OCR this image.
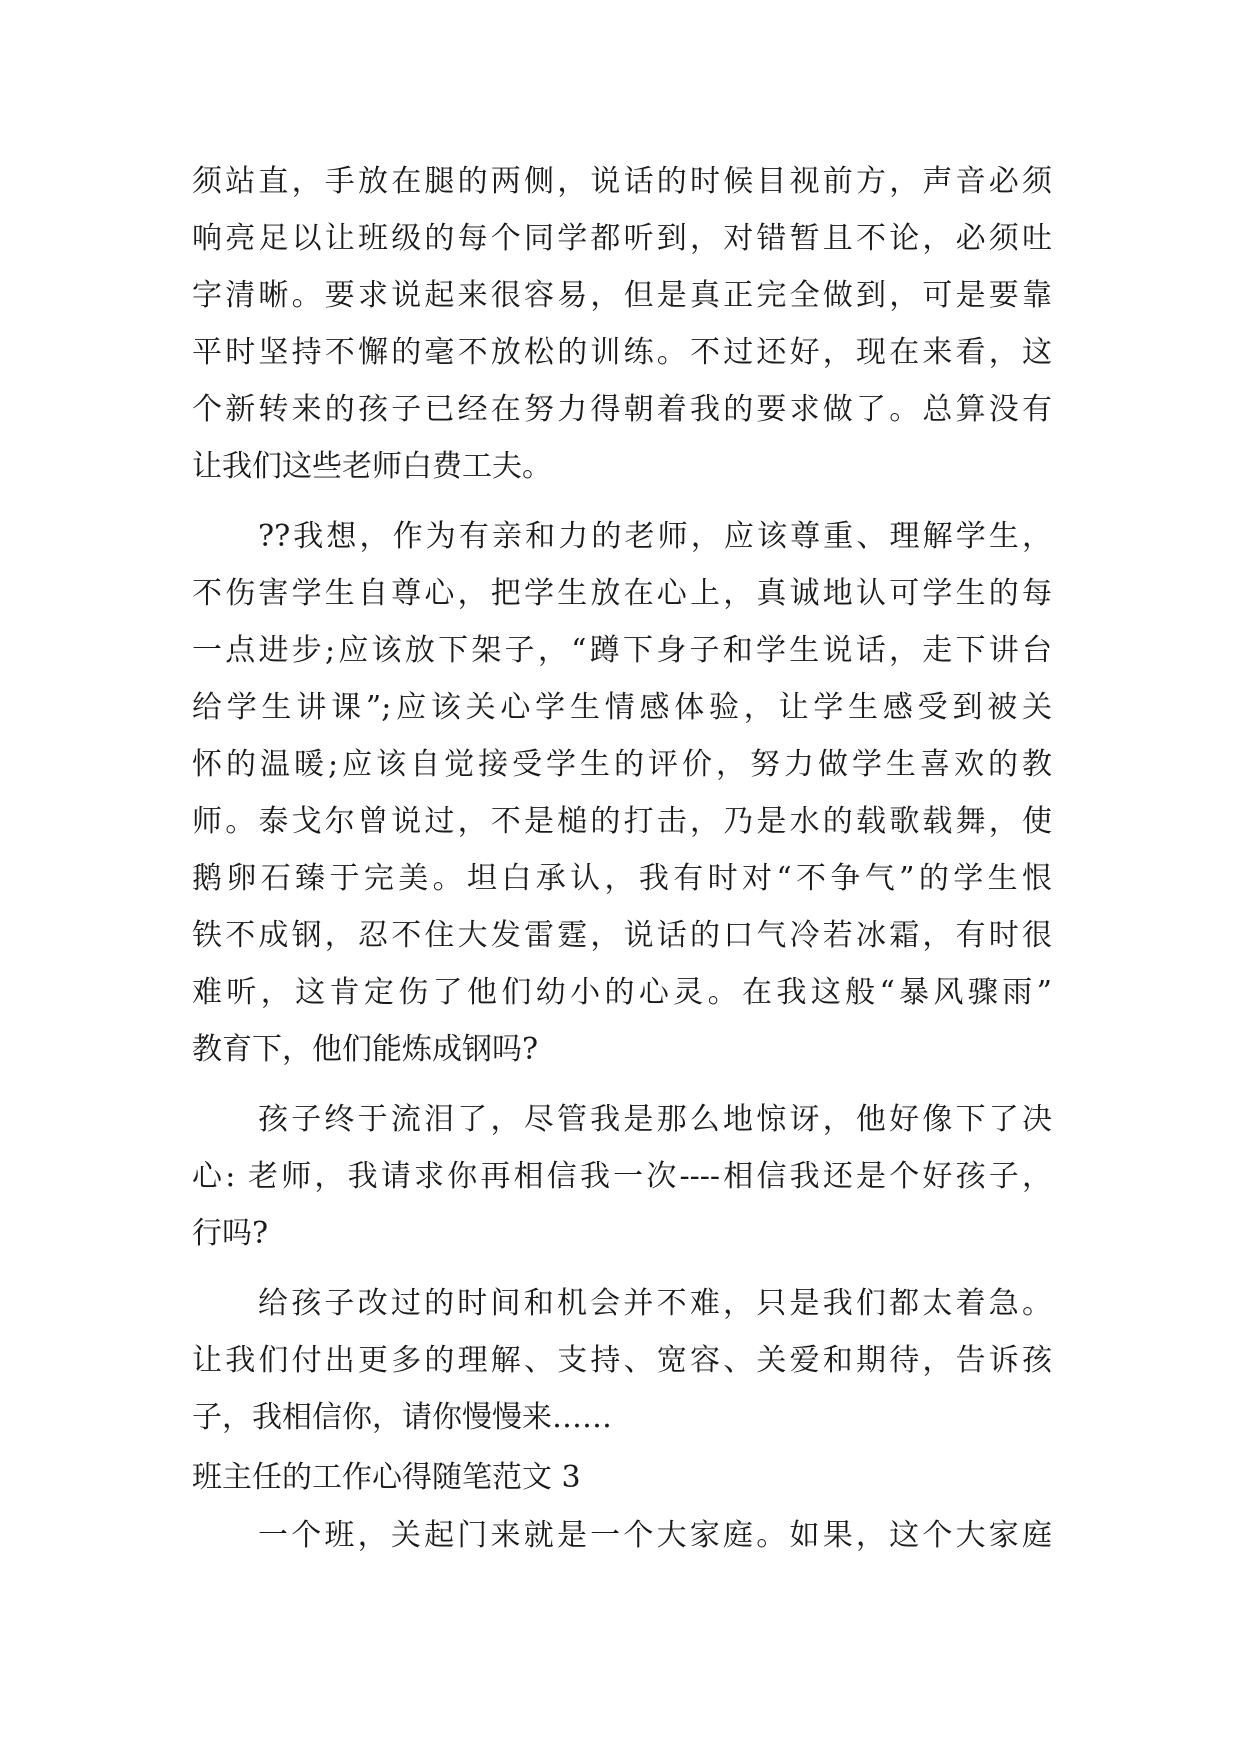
须站直，手放在腿的两侧，说话的时候目视前方，声音必须
响亮足以让班级的每个同学都听到，对错暂且不论，必须吐
字清晰。要求说起来很容易，但是真正完全做到，可是要靠
平时坚持不懈的毫不放松的训练。不过还好，现在来看，这
个新转来的孩子已经在努力得朝着我的要求做了。总算没有
让我们这些老师白费工夫。
??我想，作为有亲和力的老师，应该尊重、理解学生，
不伤害学生自尊心，把学生放在心上，真诚地认可学生的每
一点进步;应该放下架子，“蹲下身子和学生说话，走下讲台
给学生讲课”;应该关心学生情感体验，让学生感受到被关
怀的温暖;应该自觉接受学生的评价，努力做学生喜欢的教
师。泰戈尔曾说过，不是槌的打击，乃是水的载歌载舞，使
鹅卵石臻于完美。坦白承认，我有时对“不争气”的学生恨
铁不成钢，忍不住大发雷霆，说话的口气冷若冰霜，有时很
难听，这肯定伤了他们幼小的心灵。在我这般“暴风骤雨”
教育下，他们能炼成钢吗?
孩子终于流泪了，尽管我是那么地惊讶，他好像下了决
心: 老师，我请求你再相信我一次----相信我还是个好孩子，
行吗?
给孩子改过的时间和机会并不难，只是我们都太着急。
让我们付出更多的理解、支持、宽容、关爱和期待，告诉孩
子，我相信你，请你慢慢来……
班主任的工作心得随笔范文 3
一个班，关起门来就是一个大家庭。如果，这个大家庭
